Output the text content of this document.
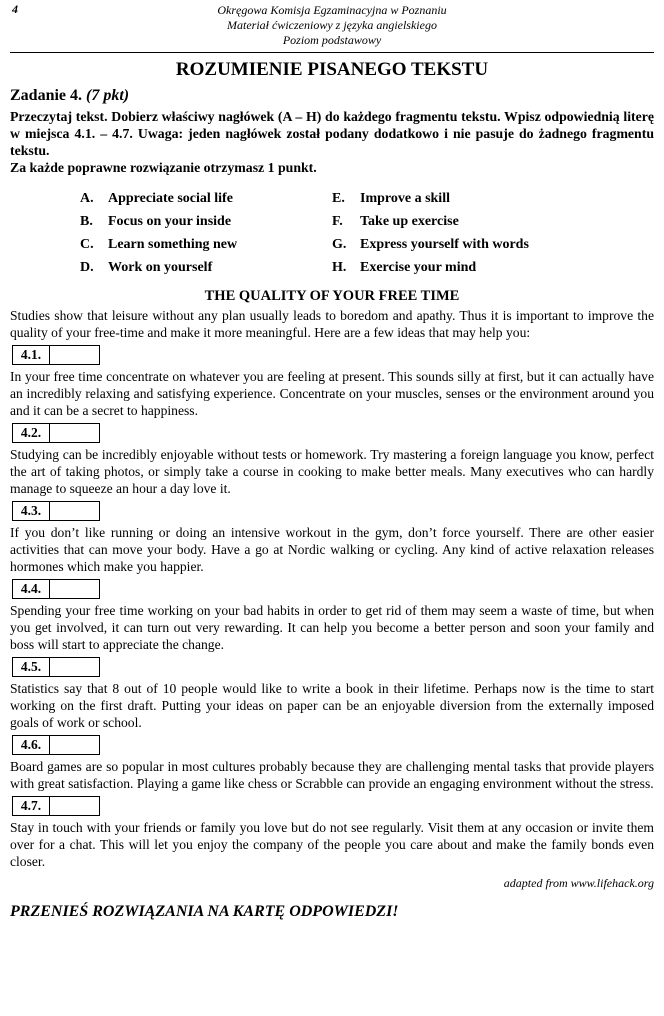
4	Okręgowa Komisja Egzaminacyjna w Poznaniu
Materiał ćwiczeniowy z języka angielskiego
Poziom podstawowy
ROZUMIENIE PISANEGO TEKSTU
Zadanie 4. (7 pkt)

Przeczytaj tekst. Dobierz właściwy nagłówek (A – H) do każdego fragmentu tekstu. Wpisz odpowiednią literę w miejsca 4.1. – 4.7. Uwaga: jeden nagłówek został podany dodatkowo i nie pasuje do żadnego fragmentu tekstu.

Za każde poprawne rozwiązanie otrzymasz 1 punkt.

A. Appreciate social life	E. Improve a skill
B. Focus on your inside	F. Take up exercise
C. Learn something new	G. Express yourself with words
D. Work on yourself	H. Exercise your mind
THE QUALITY OF YOUR FREE TIME

Studies show that leisure without any plan usually leads to boredom and apathy. Thus it is important to improve the quality of your free-time and make it more meaningful. Here are a few ideas that may help you:

4.1.

In your free time concentrate on whatever you are feeling at present. This sounds silly at first, but it can actually have an incredibly relaxing and satisfying experience. Concentrate on your muscles, senses or the environment around you and it can be a secret to happiness.

4.2.

Studying can be incredibly enjoyable without tests or homework. Try mastering a foreign language you know, perfect the art of taking photos, or simply take a course in cooking to make better meals. Many executives who can hardly manage to squeeze an hour a day love it.

4.3.

If you don’t like running or doing an intensive workout in the gym, don’t force yourself. There are other easier activities that can move your body. Have a go at Nordic walking or cycling. Any kind of active relaxation releases hormones which make you happier.

4.4.

Spending your free time working on your bad habits in order to get rid of them may seem a waste of time, but when you get involved, it can turn out very rewarding. It can help you become a better person and soon your family and boss will start to appreciate the change.

4.5.

Statistics say that 8 out of 10 people would like to write a book in their lifetime. Perhaps now is the time to start working on the first draft. Putting your ideas on paper can be an enjoyable diversion from the externally imposed goals of work or school.

4.6.

Board games are so popular in most cultures probably because they are challenging mental tasks that provide players with great satisfaction. Playing a game like chess or Scrabble can provide an engaging environment without the stress.

4.7.

Stay in touch with your friends or family you love but do not see regularly. Visit them at any occasion or invite them over for a chat. This will let you enjoy the company of the people you care about and make the family bonds even closer.

adapted from www.lifehack.org
PRZENIEŚ ROZWIĄZANIA NA KARTĘ ODPOWIEDZI!
